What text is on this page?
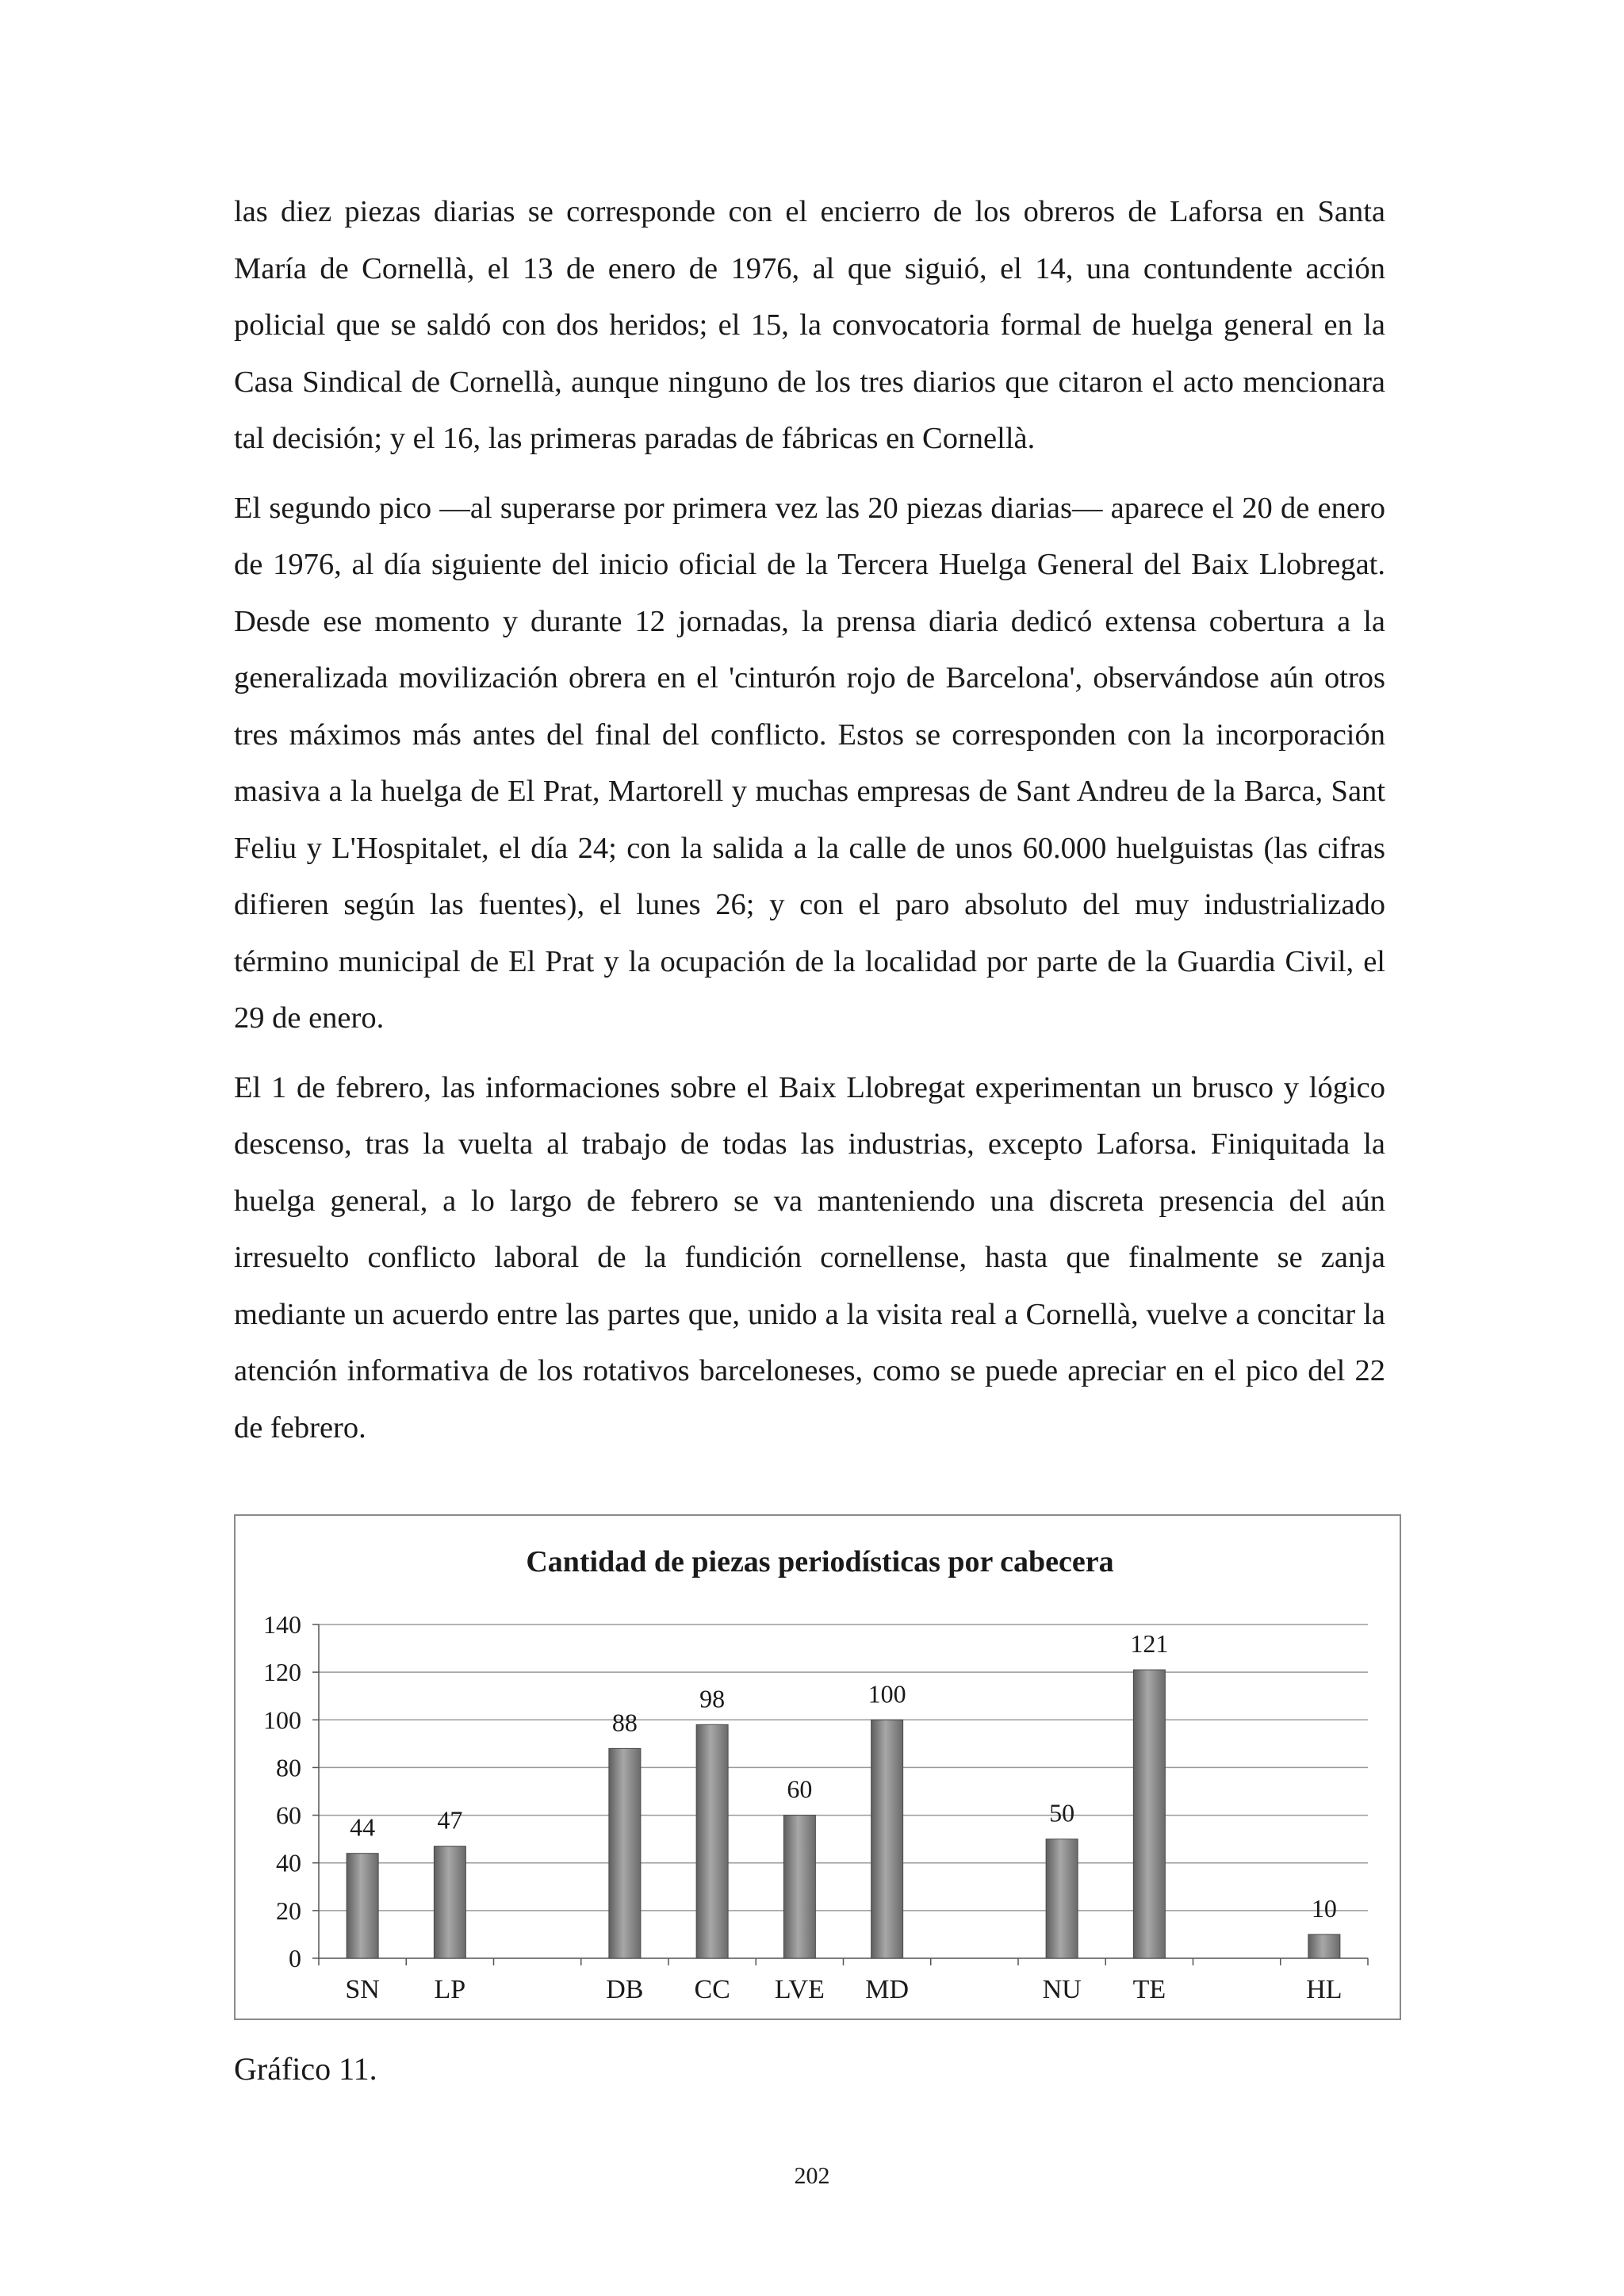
las diez piezas diarias se corresponde con el encierro de los obreros de Laforsa en Santa María de Cornellà, el 13 de enero de 1976, al que siguió, el 14, una contundente acción policial que se saldó con dos heridos; el 15, la convocatoria formal de huelga general en la Casa Sindical de Cornellà, aunque ninguno de los tres diarios que citaron el acto mencionara tal decisión; y el 16, las primeras paradas de fábricas en Cornellà.

El segundo pico —al superarse por primera vez las 20 piezas diarias— aparece el 20 de enero de 1976, al día siguiente del inicio oficial de la Tercera Huelga General del Baix Llobregat. Desde ese momento y durante 12 jornadas, la prensa diaria dedicó extensa cobertura a la generalizada movilización obrera en el 'cinturón rojo de Barcelona', observándose aún otros tres máximos más antes del final del conflicto. Estos se corresponden con la incorporación masiva a la huelga de El Prat, Martorell y muchas empresas de Sant Andreu de la Barca, Sant Feliu y L'Hospitalet, el día 24; con la salida a la calle de unos 60.000 huelguistas (las cifras difieren según las fuentes), el lunes 26; y con el paro absoluto del muy industrializado término municipal de El Prat y la ocupación de la localidad por parte de la Guardia Civil, el 29 de enero.

El 1 de febrero, las informaciones sobre el Baix Llobregat experimentan un brusco y lógico descenso, tras la vuelta al trabajo de todas las industrias, excepto Laforsa. Finiquitada la huelga general, a lo largo de febrero se va manteniendo una discreta presencia del aún irresuelto conflicto laboral de la fundición cornellense, hasta que finalmente se zanja mediante un acuerdo entre las partes que, unido a la visita real a Cornellà, vuelve a concitar la atención informativa de los rotativos barceloneses, como se puede apreciar en el pico del 22 de febrero.

Cantidad de piezas periodísticas por cabecera
0
20
40
60
80
100
120
140
44 47
88
98
60
100
50
121
10
SN LP	DB CC LVE MD	NU TE	HL
Gráfico 11.
202
